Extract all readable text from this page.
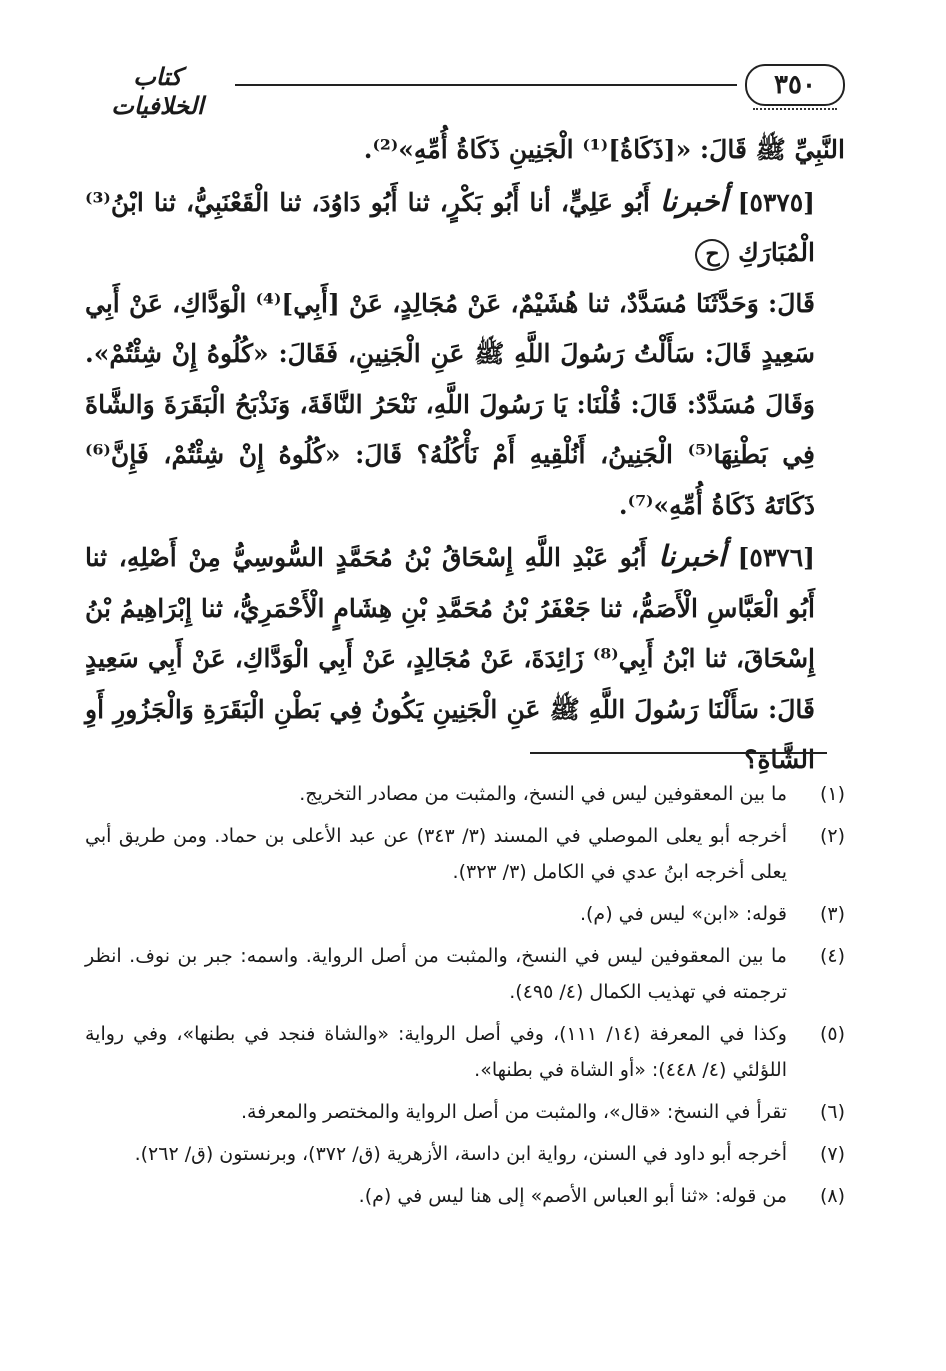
٣٥٠
كتاب الخلافيات

النَّبِيِّ ﷺ قَالَ: «[ذَكَاةُ]⁽¹⁾ الْجَنِينِ ذَكَاةُ أُمِّهِ»⁽²⁾.

[٥٣٧٥] أخبرنا أَبُو عَلِيٍّ، أنا أَبُو بَكْرٍ، ثنا أَبُو دَاوُدَ، ثنا الْقَعْنَبِيُّ، ثنا ابْنُ⁽³⁾ الْمُبَارَكِ ح

قَالَ: وَحَدَّثَنَا مُسَدَّدٌ، ثنا هُشَيْمٌ، عَنْ مُجَالِدٍ، عَنْ [أَبِي]⁽⁴⁾ الْوَدَّاكِ، عَنْ أَبِي سَعِيدٍ قَالَ: سَأَلْتُ رَسُولَ اللَّهِ ﷺ عَنِ الْجَنِينِ، فَقَالَ: «كُلُوهُ إِنْ شِئْتُمْ». وَقَالَ مُسَدَّدٌ: قَالَ: قُلْنَا: يَا رَسُولَ اللَّهِ، نَنْحَرُ النَّاقَةَ، وَنَذْبَحُ الْبَقَرَةَ وَالشَّاةَ فِي بَطْنِهَا⁽⁵⁾ الْجَنِينُ، أَنُلْقِيهِ أَمْ نَأْكُلُهُ؟ قَالَ: «كُلُوهُ إِنْ شِئْتُمْ، فَإِنَّ⁽⁶⁾ ذَكَاتَهُ ذَكَاةُ أُمِّهِ»⁽⁷⁾.

[٥٣٧٦] أخبرنا أَبُو عَبْدِ اللَّهِ إِسْحَاقُ بْنُ مُحَمَّدٍ السُّوسِيُّ مِنْ أَصْلِهِ، ثنا أَبُو الْعَبَّاسِ الْأَصَمُّ، ثنا جَعْفَرُ بْنُ مُحَمَّدِ بْنِ هِشَامٍ الْأَحْمَرِيُّ، ثنا إِبْرَاهِيمُ بْنُ إِسْحَاقَ، ثنا ابْنُ أَبِي⁽⁸⁾ زَائِدَةَ، عَنْ مُجَالِدٍ، عَنْ أَبِي الْوَدَّاكِ، عَنْ أَبِي سَعِيدٍ قَالَ: سَأَلْنَا رَسُولَ اللَّهِ ﷺ عَنِ الْجَنِينِ يَكُونُ فِي بَطْنِ الْبَقَرَةِ وَالْجَزُورِ أَوِ الشَّاةِ؟

(١)
ما بين المعقوفين ليس في النسخ، والمثبت من مصادر التخريج.
(٢)
أخرجه أبو يعلى الموصلي في المسند (٣/ ٣٤٣) عن عبد الأعلى بن حماد. ومن طريق أبي يعلى أخرجه ابنُ عدي في الكامل (٣/ ٣٢٣).
(٣)
قوله: «ابن» ليس في (م).
(٤)
ما بين المعقوفين ليس في النسخ، والمثبت من أصل الرواية. واسمه: جبر بن نوف. انظر ترجمته في تهذيب الكمال (٤/ ٤٩٥).
(٥)
وكذا في المعرفة (١٤/ ١١١)، وفي أصل الرواية: «والشاة فنجد في بطنها»، وفي رواية اللؤلئي (٤/ ٤٤٨): «أو الشاة في بطنها».
(٦)
تقرأ في النسخ: «قال»، والمثبت من أصل الرواية والمختصر والمعرفة.
(٧)
أخرجه أبو داود في السنن، رواية ابن داسة، الأزهرية (ق/ ٣٧٢)، وبرنستون (ق/ ٢٦٢).
(٨)
من قوله: «ثنا أبو العباس الأصم» إلى هنا ليس في (م).
